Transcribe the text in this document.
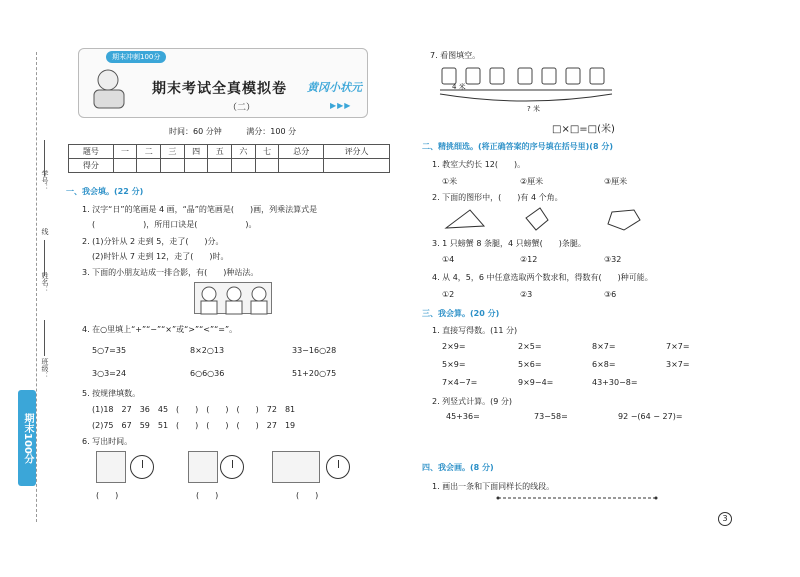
学号：
线
姓名：
班级：
期末100分
期末冲刺100分
期末考试全真模拟卷
（二）
黄冈小状元
▶▶▶
时间：60 分钟	满分：100 分
题号	一	二	三	四	五	六	七	总分	评分人
得分									
一、我会填。(22 分)
1. 汉字“日”的笔画是 4 画，“晶”的笔画是(　　)画，列乘法算式是
(　　　　　　)，所用口诀是(　　　　　　)。
2. (1)分针从 2 走到 5，走了(　　)分。
(2)时针从 7 走到 12，走了(　　)时。
3. 下面的小朋友站成一排合影，有(　　)种站法。
4. 在○里填上“+”“−”“×”或“>”“<”“=”。
5○7=35	8×2○13	33−16○28
3○3=24	6○6○36	51+20○75
5. 按规律填数。
(1)18　27　36　45　(　　)　(　　)　(　　)　72　81
(2)75　67　59　51　(　　)　(　　)　(　　)　27　19
6. 写出时间。
(　　)	(　　)	(　　)
7. 看图填空。
4 米
? 米
□×□=□(米)
二、精挑细选。(将正确答案的序号填在括号里)(8 分)
1. 教室大约长 12(　　)。
①米	②厘米	③厘米
2. 下面的图形中，(　　)有 4 个角。
3. 1 只螃蟹 8 条腿，4 只螃蟹(　　)条腿。
①4	②12	③32
4. 从 4，5，6 中任意选取两个数求和，得数有(　　)种可能。
①2	②3	③6
三、我会算。(20 分)
1. 直接写得数。(11 分)
2×9=	2×5=	8×7=	7×7=
5×9=	5×6=	6×8=	3×7=
7×4−7=	9×9−4=	43+30−8=
2. 列竖式计算。(9 分)
45+36=	73−58=	92 −(64 − 27)=
四、我会画。(8 分)
1. 画出一条和下面同样长的线段。
3
